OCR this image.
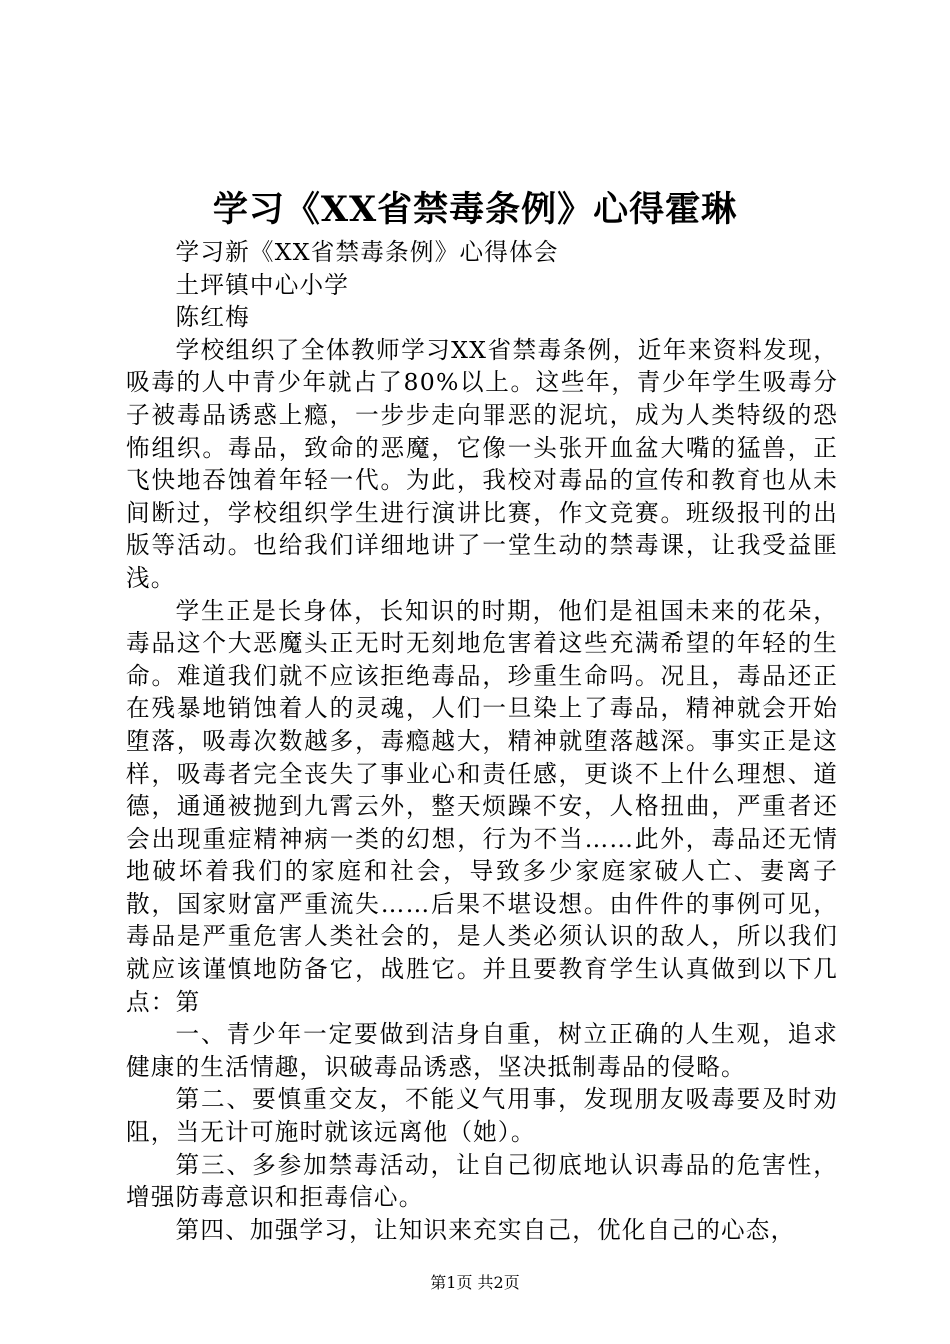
学习《XX省禁毒条例》心得霍琳

学习新《XX省禁毒条例》心得体会

土坪镇中心小学

陈红梅

学校组织了全体教师学习XX省禁毒条例，近年来资料发现，吸毒的人中青少年就占了80%以上。这些年，青少年学生吸毒分子被毒品诱惑上瘾，一步步走向罪恶的泥坑，成为人类特级的恐怖组织。毒品，致命的恶魔，它像一头张开血盆大嘴的猛兽，正飞快地吞蚀着年轻一代。为此，我校对毒品的宣传和教育也从未间断过，学校组织学生进行演讲比赛，作文竞赛。班级报刊的出版等活动。也给我们详细地讲了一堂生动的禁毒课，让我受益匪浅。

学生正是长身体，长知识的时期，他们是祖国未来的花朵，毒品这个大恶魔头正无时无刻地危害着这些充满希望的年轻的生命。难道我们就不应该拒绝毒品，珍重生命吗。况且，毒品还正在残暴地销蚀着人的灵魂，人们一旦染上了毒品，精神就会开始堕落，吸毒次数越多，毒瘾越大，精神就堕落越深。事实正是这样，吸毒者完全丧失了事业心和责任感，更谈不上什么理想、道德，通通被抛到九霄云外，整天烦躁不安，人格扭曲，严重者还会出现重症精神病一类的幻想，行为不当……此外，毒品还无情地破坏着我们的家庭和社会，导致多少家庭家破人亡、妻离子散，国家财富严重流失……后果不堪设想。由件件的事例可见，毒品是严重危害人类社会的，是人类必须认识的敌人，所以我们就应该谨慎地防备它，战胜它。并且要教育学生认真做到以下几点：第

一、青少年一定要做到洁身自重，树立正确的人生观，追求健康的生活情趣，识破毒品诱惑，坚决抵制毒品的侵略。

第二、要慎重交友，不能义气用事，发现朋友吸毒要及时劝阻，当无计可施时就该远离他（她）。

第三、多参加禁毒活动，让自己彻底地认识毒品的危害性，增强防毒意识和拒毒信心。

第四、加强学习，让知识来充实自己，优化自己的心态，

第1页 共2页
